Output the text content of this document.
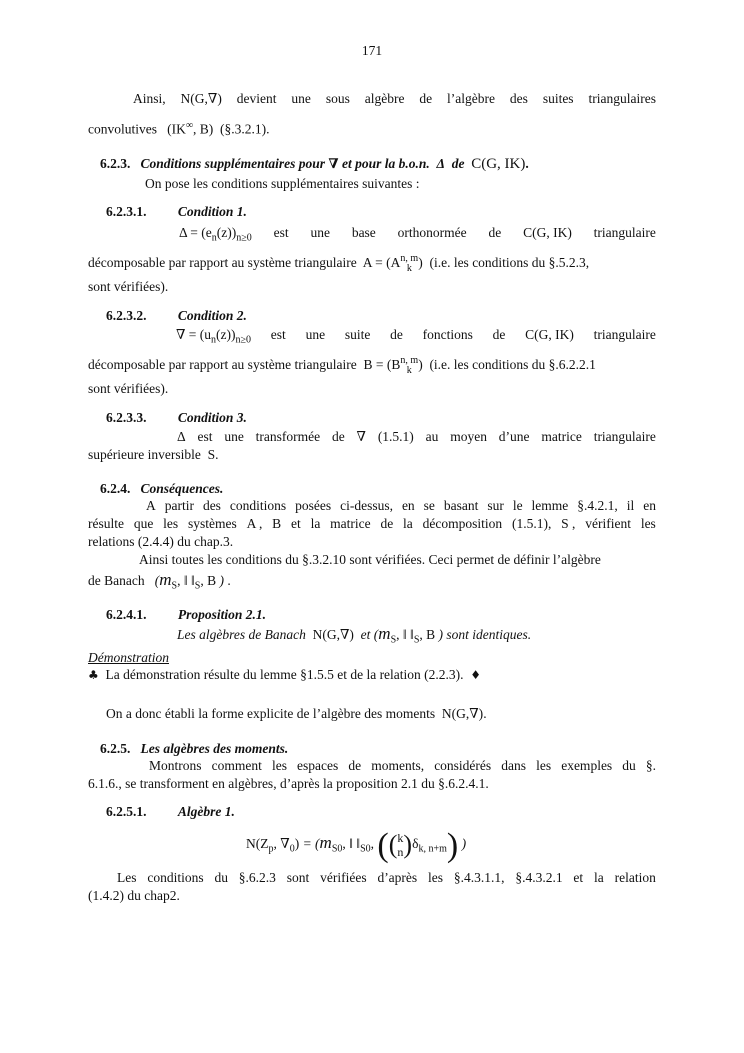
171
Ainsi, N(G,∇) devient une sous algèbre de l’algèbre des suites triangulaires
convolutives (IK∞, B) (§.3.2.1).
6.2.3. Conditions supplémentaires pour ∇ et pour la b.o.n. Δ de C(G, IK).
On pose les conditions supplémentaires suivantes :
6.2.3.1. Condition 1.
$\Delta = (e_n(z))_{n\ge 0}$ est une base orthonormée de C(G, IK) triangulaire
décomposable par rapport au système triangulaire A = (A n, m
k ) (i.e. les conditions du §.5.2.3,
sont vérifiées).
6.2.3.2. Condition 2.
∇ = $(u_n(z))_{n\ge 0}$ est une suite de fonctions de C(G, IK) triangulaire
décomposable par rapport au système triangulaire B = (B n, m
k ) (i.e. les conditions du §.6.2.2.1
sont vérifiées).
6.2.3.3. Condition 3.
Δ est une transformée de ∇ (1.5.1) au moyen d’une matrice triangulaire
supérieure inversible S.
6.2.4. Conséquences.
A partir des conditions posées ci-dessus, en se basant sur le lemme §.4.2.1, il en
résulte que les systèmes A , B et la matrice de la décomposition (1.5.1), S , vérifient les
relations (2.4.4) du chap.3.
Ainsi toutes les conditions du §.3.2.10 sont vérifiées. Ceci permet de définir l’algèbre
de Banach ($m_S$, ‖ $‖_S$, B ) .
6.2.4.1. Proposition 2.1.
Les algèbres de Banach N(G,∇) et ($m_S$, ‖ $‖_S$, B ) sont identiques.
Démonstration
♣ La démonstration résulte du lemme §1.5.5 et de la relation (2.2.3). ♦
On a donc établi la forme explicite de l’algèbre des moments N(G,∇).
6.2.5. Les algèbres des moments.
Montrons comment les espaces de moments, considérés dans les exemples du §.
6.1.6., se transforment en algèbres, d’après la proposition 2.1 du §.6.2.4.1.
6.2.5.1. Algèbre 1.
$N(Z_p$, $\nabla_0) = (m_{S0}$, ‖ $‖_{S0}$, (( k
n )$\delta_{k, n+m}$) )
Les conditions du §.6.2.3 sont vérifiées d’après les §.4.3.1.1, §.4.3.2.1 et la relation
(1.4.2) du chap2.
